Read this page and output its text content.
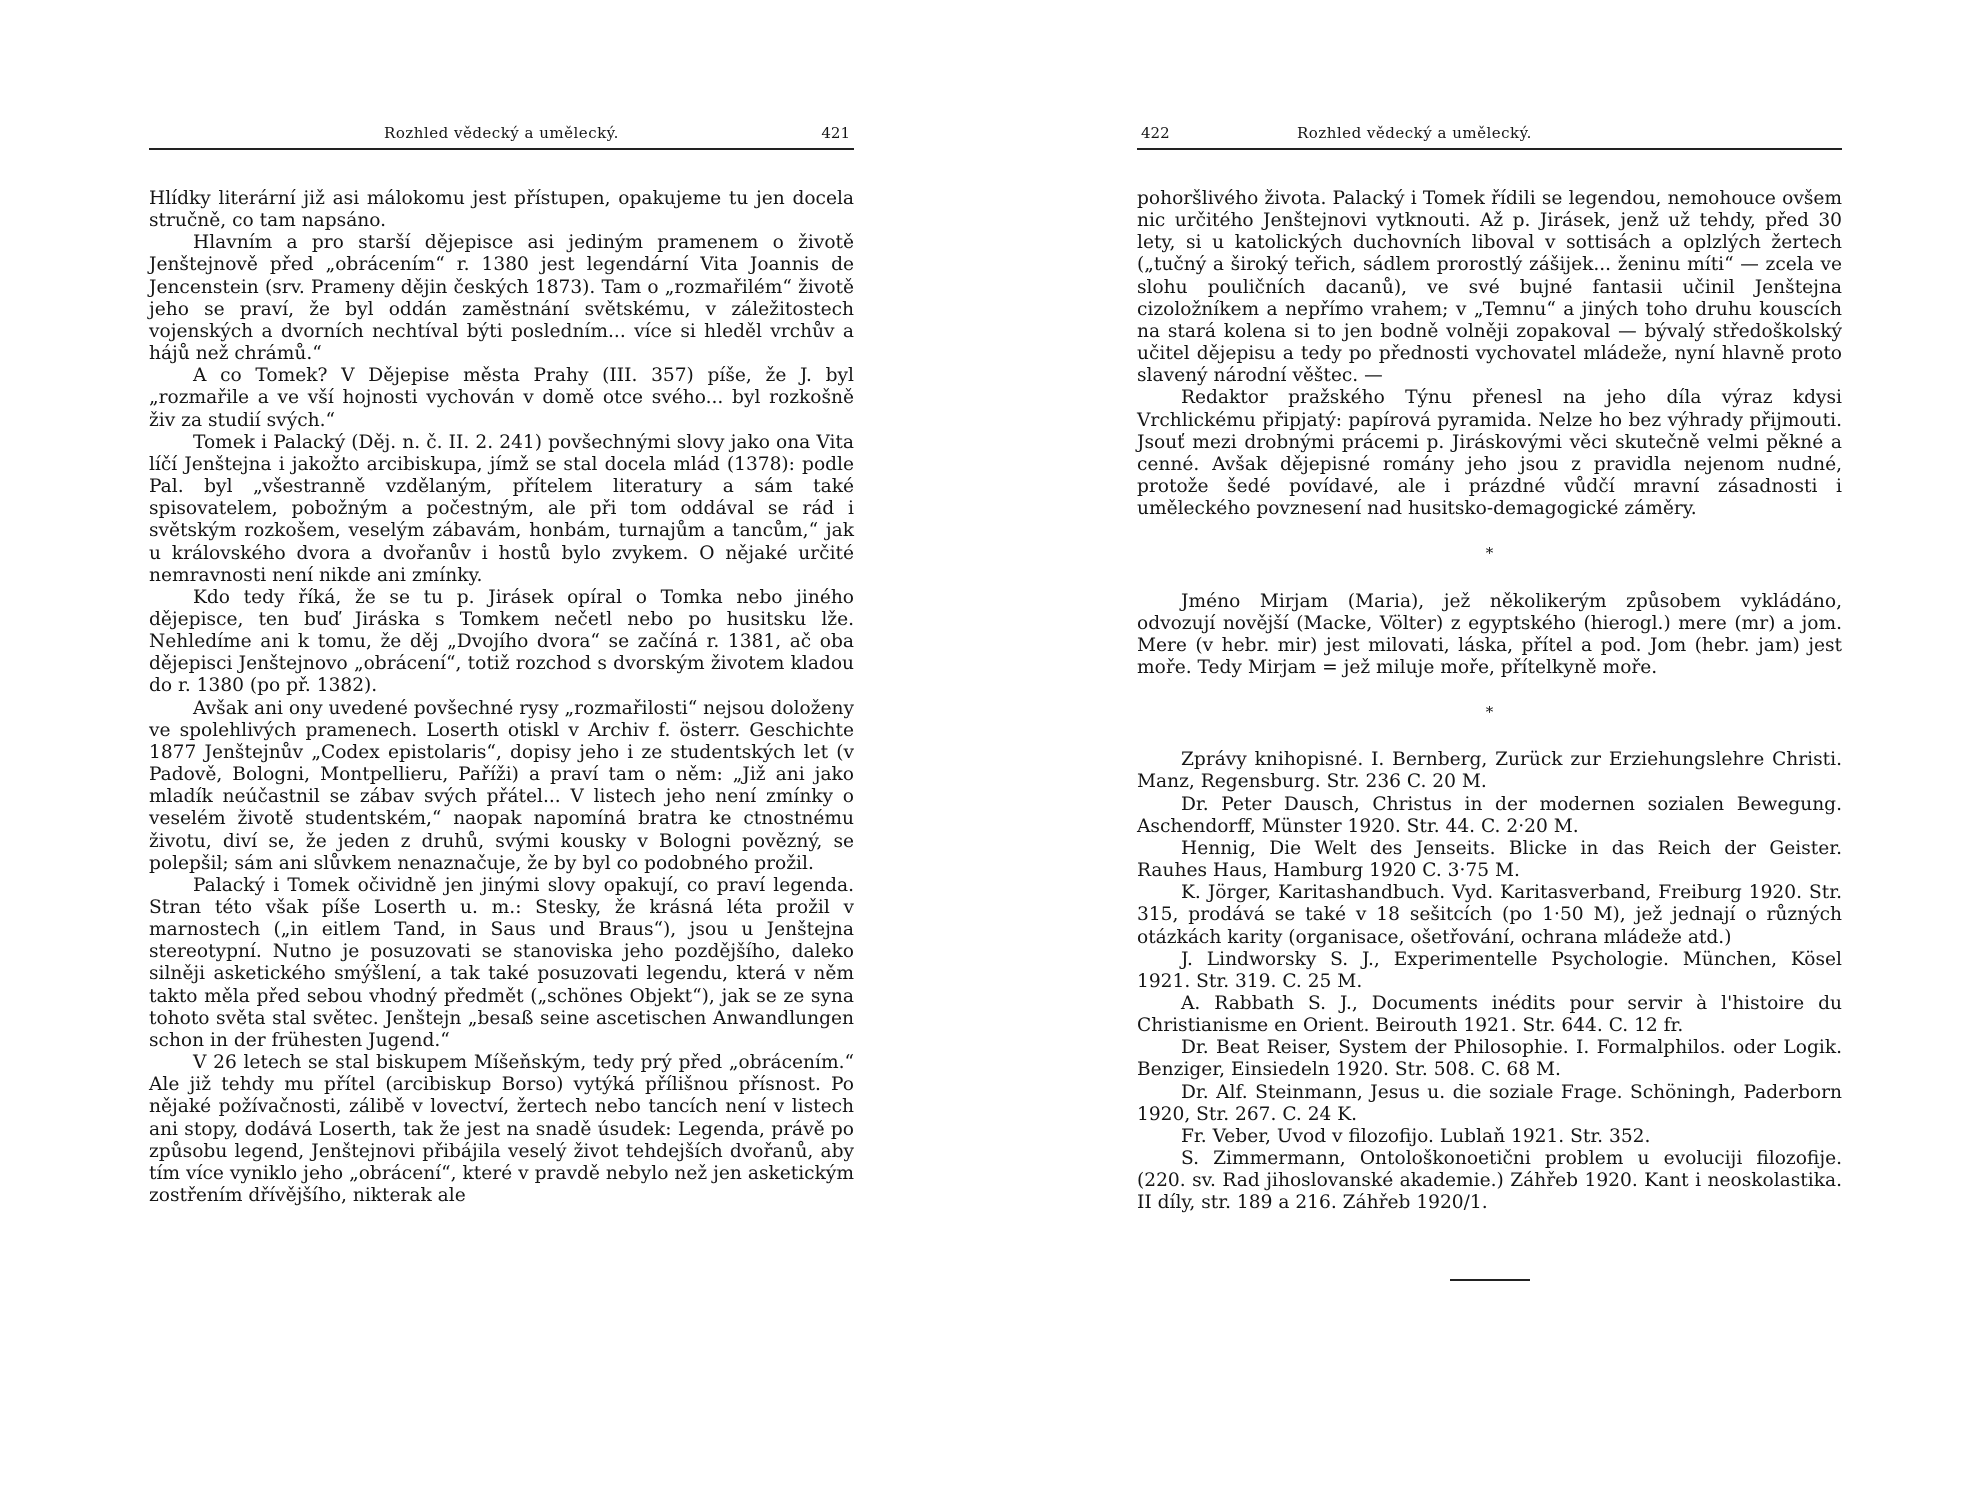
Rozhled vědecký a umělecký.	421

Hlídky literární již asi málokomu jest přístupen, opakujeme tu jen docela stručně, co tam napsáno.

Hlavním a pro starší dějepisce asi jediným pramenem o životě Jenštejnově před „obrácením“ r. 1380 jest legendární Vita Joannis de Jencenstein (srv. Prameny dějin českých 1873). Tam o „rozmařilém“ životě jeho se praví, že byl oddán zaměstnání světskému, v záležitostech vojenských a dvorních nechtíval býti posledním... více si hleděl vrchův a hájů než chrámů.“

A co Tomek? V Dějepise města Prahy (III. 357) píše, že J. byl „rozmařile a ve vší hojnosti vychován v domě otce svého... byl rozkošně živ za studií svých.“

Tomek i Palacký (Děj. n. č. II. 2. 241) povšechnými slovy jako ona Vita líčí Jenštejna i jakožto arcibiskupa, jímž se stal docela mlád (1378): podle Pal. byl „všestranně vzdělaným, přítelem literatury a sám také spisovatelem, pobožným a počestným, ale při tom oddával se rád i světským rozkošem, veselým zábavám, honbám, turnajům a tancům,“ jak u královského dvora a dvořanův i hostů bylo zvykem. O nějaké určité nemravnosti není nikde ani zmínky.

Kdo tedy říká, že se tu p. Jirásek opíral o Tomka nebo jiného dějepisce, ten buď Jiráska s Tomkem nečetl nebo po husitsku lže. Nehledíme ani k tomu, že děj „Dvojího dvora“ se začíná r. 1381, ač oba dějepisci Jenštejnovo „obrácení“, totiž rozchod s dvorským životem kladou do r. 1380 (po př. 1382).

Avšak ani ony uvedené povšechné rysy „rozmařilosti“ nejsou doloženy ve spolehlivých pramenech. Loserth otiskl v Archiv f. österr. Geschichte 1877 Jenštejnův „Codex epistolaris“, dopisy jeho i ze studentských let (v Padově, Bologni, Montpellieru, Paříži) a praví tam o něm: „Již ani jako mladík neúčastnil se zábav svých přátel... V listech jeho není zmínky o veselém životě studentském,“ naopak napomíná bratra ke ctnostnému životu, diví se, že jeden z druhů, svými kousky v Bologni povězný, se polepšil; sám ani slůvkem nenaznačuje, že by byl co podobného prožil.

Palacký i Tomek očividně jen jinými slovy opakují, co praví legenda. Stran této však píše Loserth u. m.: Stesky, že krásná léta prožil v marnostech („in eitlem Tand, in Saus und Braus“), jsou u Jenštejna stereotypní. Nutno je posuzovati se stanoviska jeho pozdějšího, daleko silněji asketického smýšlení, a tak také posuzovati legendu, která v něm takto měla před sebou vhodný předmět („schönes Objekt“), jak se ze syna tohoto světa stal světec. Jenštejn „besaß seine ascetischen Anwandlungen schon in der frühesten Jugend.“

V 26 letech se stal biskupem Míšeňským, tedy prý před „obrácením.“ Ale již tehdy mu přítel (arcibiskup Borso) vytýká přílišnou přísnost. Po nějaké požívačnosti, zálibě v lovectví, žertech nebo tancích není v listech ani stopy, dodává Loserth, tak že jest na snadě úsudek: Legenda, právě po způsobu legend, Jenštejnovi přibájila veselý život tehdejších dvořanů, aby tím více vyniklo jeho „obrácení“, které v pravdě nebylo než jen asketickým zostřením dřívějšího, nikterak ale

422	Rozhled vědecký a umělecký.

pohoršlivého života. Palacký i Tomek řídili se legendou, nemohouce ovšem nic určitého Jenštejnovi vytknouti. Až p. Jirásek, jenž už tehdy, před 30 lety, si u katolických duchovních liboval v sottisách a oplzlých žertech („tučný a široký teřich, sádlem prorostlý zášijek... ženinu míti“ — zcela ve slohu pouličních dacanů), ve své bujné fantasii učinil Jenštejna cizoložníkem a nepřímo vrahem; v „Temnu“ a jiných toho druhu kouscích na stará kolena si to jen bodně volněji zopakoval — bývalý středoškolský učitel dějepisu a tedy po přednosti vychovatel mládeže, nyní hlavně proto slavený národní věštec. —

Redaktor pražského Týnu přenesl na jeho díla výraz kdysi Vrchlickému připjatý: papírová pyramida. Nelze ho bez výhrady přijmouti. Jsouť mezi drobnými prácemi p. Jiráskovými věci skutečně velmi pěkné a cenné. Avšak dějepisné romány jeho jsou z pravidla nejenom nudné, protože šedé povídavé, ale i prázdné vůdčí mravní zásadnosti i uměleckého povznesení nad husitsko-demagogické záměry.

*

Jméno Mirjam (Maria), jež několikerým způsobem vykládáno, odvozují novější (Macke, Völter) z egyptského (hierogl.) mere (mr) a jom. Mere (v hebr. mir) jest milovati, láska, přítel a pod. Jom (hebr. jam) jest moře. Tedy Mirjam = jež miluje moře, přítelkyně moře.

*

Zprávy knihopisné. I. Bernberg, Zurück zur Erziehungslehre Christi. Manz, Regensburg. Str. 236 C. 20 M.

Dr. Peter Dausch, Christus in der modernen sozialen Bewegung. Aschendorff, Münster 1920. Str. 44. C. 2·20 M.

Hennig, Die Welt des Jenseits. Blicke in das Reich der Geister. Rauhes Haus, Hamburg 1920 C. 3·75 M.

K. Jörger, Karitashandbuch. Vyd. Karitasverband, Freiburg 1920. Str. 315, prodává se také v 18 sešitcích (po 1·50 M), jež jednají o různých otázkách karity (organisace, ošetřování, ochrana mládeže atd.)

J. Lindworsky S. J., Experimentelle Psychologie. München, Kösel 1921. Str. 319. C. 25 M.

A. Rabbath S. J., Documents inédits pour servir à l'histoire du Christianisme en Orient. Beirouth 1921. Str. 644. C. 12 fr.

Dr. Beat Reiser, System der Philosophie. I. Formalphilos. oder Logik. Benziger, Einsiedeln 1920. Str. 508. C. 68 M.

Dr. Alf. Steinmann, Jesus u. die soziale Frage. Schöningh, Paderborn 1920, Str. 267. C. 24 K.

Fr. Veber, Uvod v filozofijo. Lublaň 1921. Str. 352.

S. Zimmermann, Ontološkonoetični problem u evoluciji filozofije. (220. sv. Rad jihoslovanské akademie.) Záhřeb 1920. Kant i neoskolastika. II díly, str. 189 a 216. Záhřeb 1920/1.
